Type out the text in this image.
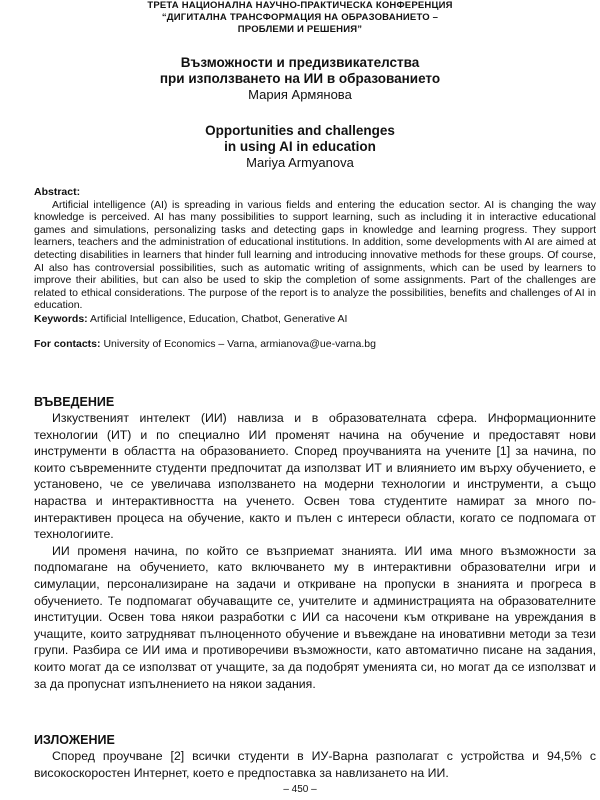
ТРЕТА НАЦИОНАЛНА НАУЧНО-ПРАКТИЧЕСКА КОНФЕРЕНЦИЯ
“ДИГИТАЛНА ТРАНСФОРМАЦИЯ НА ОБРАЗОВАНИЕТО –
ПРОБЛЕМИ И РЕШЕНИЯ”
Възможности и предизвикателства
при използването на ИИ в образованието
Мария Армянова
Opportunities and challenges
in using AI in education
Mariya Armyanova
Abstract:
Artificial intelligence (AI) is spreading in various fields and entering the education sector. AI is changing the way knowledge is perceived. AI has many possibilities to support learning, such as including it in interactive educational games and simulations, personalizing tasks and detecting gaps in knowledge and learning progress. They support learners, teachers and the administration of educational institutions. In addition, some developments with AI are aimed at detecting disabilities in learners that hinder full learning and introducing innovative methods for these groups. Of course, AI also has controversial possibilities, such as automatic writing of assignments, which can be used by learners to improve their abilities, but can also be used to skip the completion of some assignments. Part of the challenges are related to ethical considerations. The purpose of the report is to analyze the possibilities, benefits and challenges of AI in education.
Keywords: Artificial Intelligence, Education, Chatbot, Generative AI
For contacts: University of Economics – Varna, armianova@ue-varna.bg
ВЪВЕДЕНИЕ

Изкуственият интелект (ИИ) навлиза и в образователната сфера. Информационните технологии (ИТ) и по специално ИИ променят начина на обучение и предоставят нови инструменти в областта на образованието. Според проучванията на учените [1] за начина, по които съвременните студенти предпочитат да използват ИТ и влиянието им върху обучението, е установено, че се увеличава използването на модерни технологии и инструменти, а също нараства и интерактивността на ученето. Освен това студентите намират за много по-интерактивен процеса на обучение, както и пълен с интереси области, когато се подпомага от технологиите.

ИИ променя начина, по който се възприемат знанията. ИИ има много възможности за подпомагане на обучението, като включването му в интерактивни образователни игри и симулации, персонализиране на задачи и откриване на пропуски в знанията и прогреса в обучението. Те подпомагат обучаващите се, учителите и администрацията на образователните институции. Освен това някои разработки с ИИ са насочени към откриване на увреждания в учащите, които затрудняват пълноценното обучение и въвеждане на иновативни методи за тези групи. Разбира се ИИ има и противоречиви възможности, като автоматично писане на задания, които могат да се използват от учащите, за да подобрят уменията си, но могат да се използват и за да пропуснат изпълнението на някои задания.

ИЗЛОЖЕНИЕ

Според проучване [2] всички студенти в ИУ-Варна разполагат с устройства и 94,5% с високоскоростен Интернет, което е предпоставка за навлизането на ИИ.

– 450 –
